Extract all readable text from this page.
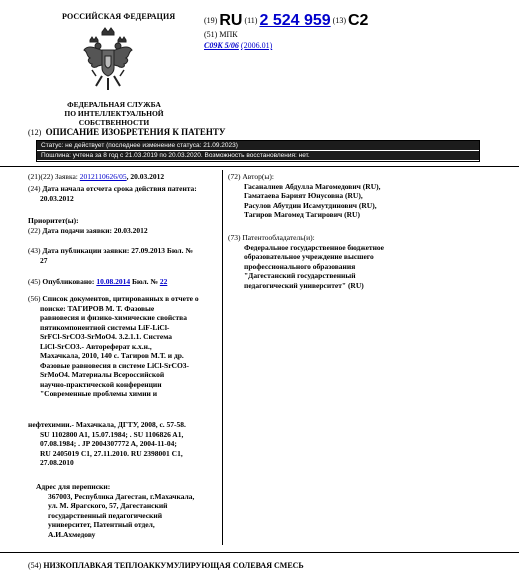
РОССИЙСКАЯ ФЕДЕРАЦИЯ
ФЕДЕРАЛЬНАЯ СЛУЖБА
ПО ИНТЕЛЛЕКТУАЛЬНОЙ СОБСТВЕННОСТИ
(19) RU (11) 2 524 959 (13) C2
(51) МПК
C09K 5/06 (2006.01)
(12) ОПИСАНИЕ ИЗОБРЕТЕНИЯ К ПАТЕНТУ
Статус: не действует (последнее изменение статуса: 21.09.2023)
Пошлина: учтена за 8 год с 21.03.2019 по 20.03.2020. Возможность восстановления: нет.
(21)(22) Заявка: 2012110626/05, 20.03.2012
(24) Дата начала отсчета срока действия патента:
20.03.2012
Приоритет(ы):
(22) Дата подачи заявки: 20.03.2012
(43) Дата публикации заявки: 27.09.2013 Бюл. №
27
(45) Опубликовано: 10.08.2014 Бюл. № 22
(56) Список документов, цитированных в отчете о
поиске: ТАГИРОВ М. Т. Фазовые
равновесия и физико-химические свойства
пятикомпонентной системы LiF-LiCl-
SrFCl-SrCO3-SrMoO4. 3.2.1.1. Система
LiCl-SrCO3.- Автореферат к.х.н.,
Махачкала, 2010, 140 с. Тагиров М.Т. и др.
Фазовые равновесия в системе LiCl-SrCO3-
SrMoO4. Материалы Всероссийской
научно-практической конференции
"Современные проблемы химии и
нефтехимии.- Махачкала, ДГТУ, 2008, с. 57-58.
SU 1102800 A1, 15.07.1984; . SU 1106826 A1,
07.08.1984; . JP 2004307772 A, 2004-11-04;
RU 2405019 C1, 27.11.2010. RU 2398001 C1,
27.08.2010
Адрес для переписки:
367003, Республика Дагестан, г.Махачкала,
ул. М. Ярагского, 57, Дагестанский
государственный педагогический
университет, Патентный отдел,
А.И.Ахмедову
(72) Автор(ы):
Гасаналиев Абдулла Магомедович (RU),
Гаматаева Барият Юнусовна (RU),
Расулов Абутдин Исамутдинович (RU),
Тагиров Магомед Тагирович (RU)
(73) Патентообладатель(и):
Федеральное государственное бюджетное
образовательное учреждение высшего
профессионального образования
"Дагестанский государственный
педагогический университет" (RU)
(54) НИЗКОПЛАВКАЯ ТЕПЛОАККУМУЛИРУЮЩАЯ СОЛЕВАЯ СМЕСЬ
